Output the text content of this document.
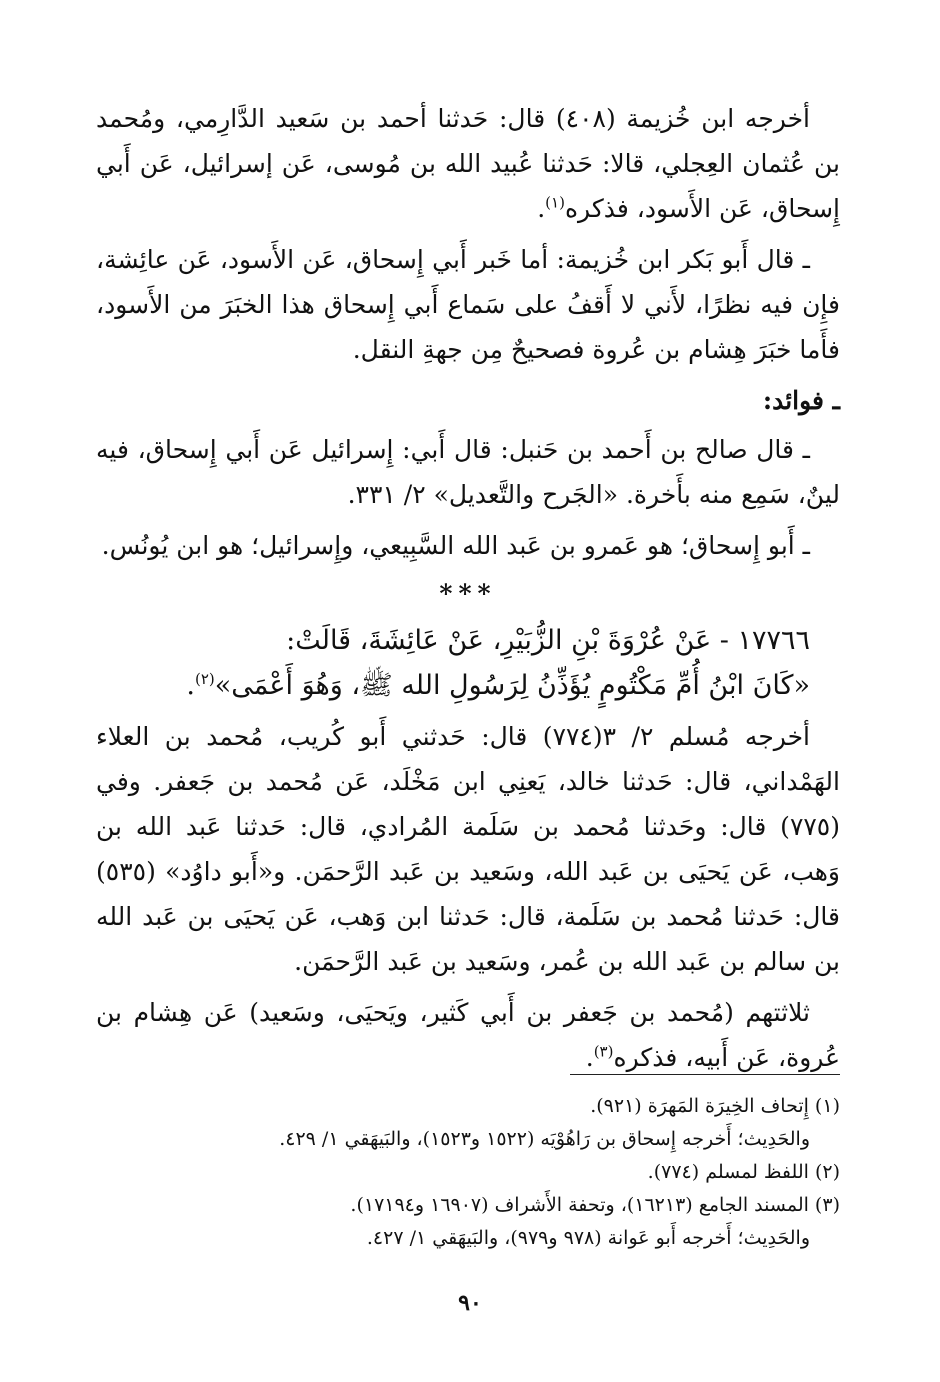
أخرجه ابن خُزيمة (٤٠٨) قال: حَدثنا أحمد بن سَعيد الدَّارِمي، ومُحمد بن عُثمان العِجلي، قالا: حَدثنا عُبيد الله بن مُوسى، عَن إسرائيل، عَن أَبي إِسحاق، عَن الأَسود، فذكره$^{(١)}$.

ـ قال أَبو بَكر ابن خُزيمة: أما خَبر أَبي إِسحاق، عَن الأَسود، عَن عائِشة، فإِن فيه نظرًا، لأَني لا أَقفُ على سَماع أَبي إِسحاق هذا الخبَرَ من الأَسود، فأَما خبَرَ هِشام بن عُروة فصحيحٌ مِن جهةِ النقل.

ـ فوائد:

ـ قال صالح بن أَحمد بن حَنبل: قال أَبي: إِسرائيل عَن أَبي إِسحاق، فيه لينٌ، سَمِع منه بأَخرة. «الجَرح والتَّعديل» ٢/ ٣٣١.

ـ أَبو إِسحاق؛ هو عَمرو بن عَبد الله السَّبِيعي، وإِسرائيل؛ هو ابن يُونُس.

***

١٧٧٦٦ - عَنْ عُرْوَةَ بْنِ الزُّبَيْرِ، عَنْ عَائِشَةَ، قَالَتْ:

«كَانَ ابْنُ أُمِّ مَكْتُومٍ يُؤَذِّنُ لِرَسُولِ الله ﷺ، وَهُوَ أَعْمَى»$^{(٢)}$.

أخرجه مُسلم ٢/ ٣(٧٧٤) قال: حَدثني أَبو كُريب، مُحمد بن العلاء الهَمْداني، قال: حَدثنا خالد، يَعنِي ابن مَخْلَد، عَن مُحمد بن جَعفر. وفي (٧٧٥) قال: وحَدثنا مُحمد بن سَلَمة المُرادي، قال: حَدثنا عَبد الله بن وَهب، عَن يَحيَى بن عَبد الله، وسَعيد بن عَبد الرَّحمَن. و«أَبو داوُد» (٥٣٥) قال: حَدثنا مُحمد بن سَلَمة، قال: حَدثنا ابن وَهب، عَن يَحيَى بن عَبد الله بن سالم بن عَبد الله بن عُمر، وسَعيد بن عَبد الرَّحمَن.

ثلاثتهم (مُحمد بن جَعفر بن أَبي كَثير، ويَحيَى، وسَعيد) عَن هِشام بن عُروة، عَن أَبيه، فذكره$^{(٣)}$.

(١) إِتحاف الخِيرَة المَهرَة (٩٢١).

والحَدِيث؛ أَخرجه إِسحاق بن رَاهُوْيَه (١٥٢٢ و١٥٢٣)، والبَيهَقي ١/ ٤٢٩.

(٢) اللفظ لمسلم (٧٧٤).

(٣) المسند الجامع (١٦٢١٣)، وتحفة الأَشراف (١٦٩٠٧ و١٧١٩٤).

والحَدِيث؛ أَخرجه أَبو عَوانة (٩٧٨ و٩٧٩)، والبَيهَقي ١/ ٤٢٧.

٩٠
